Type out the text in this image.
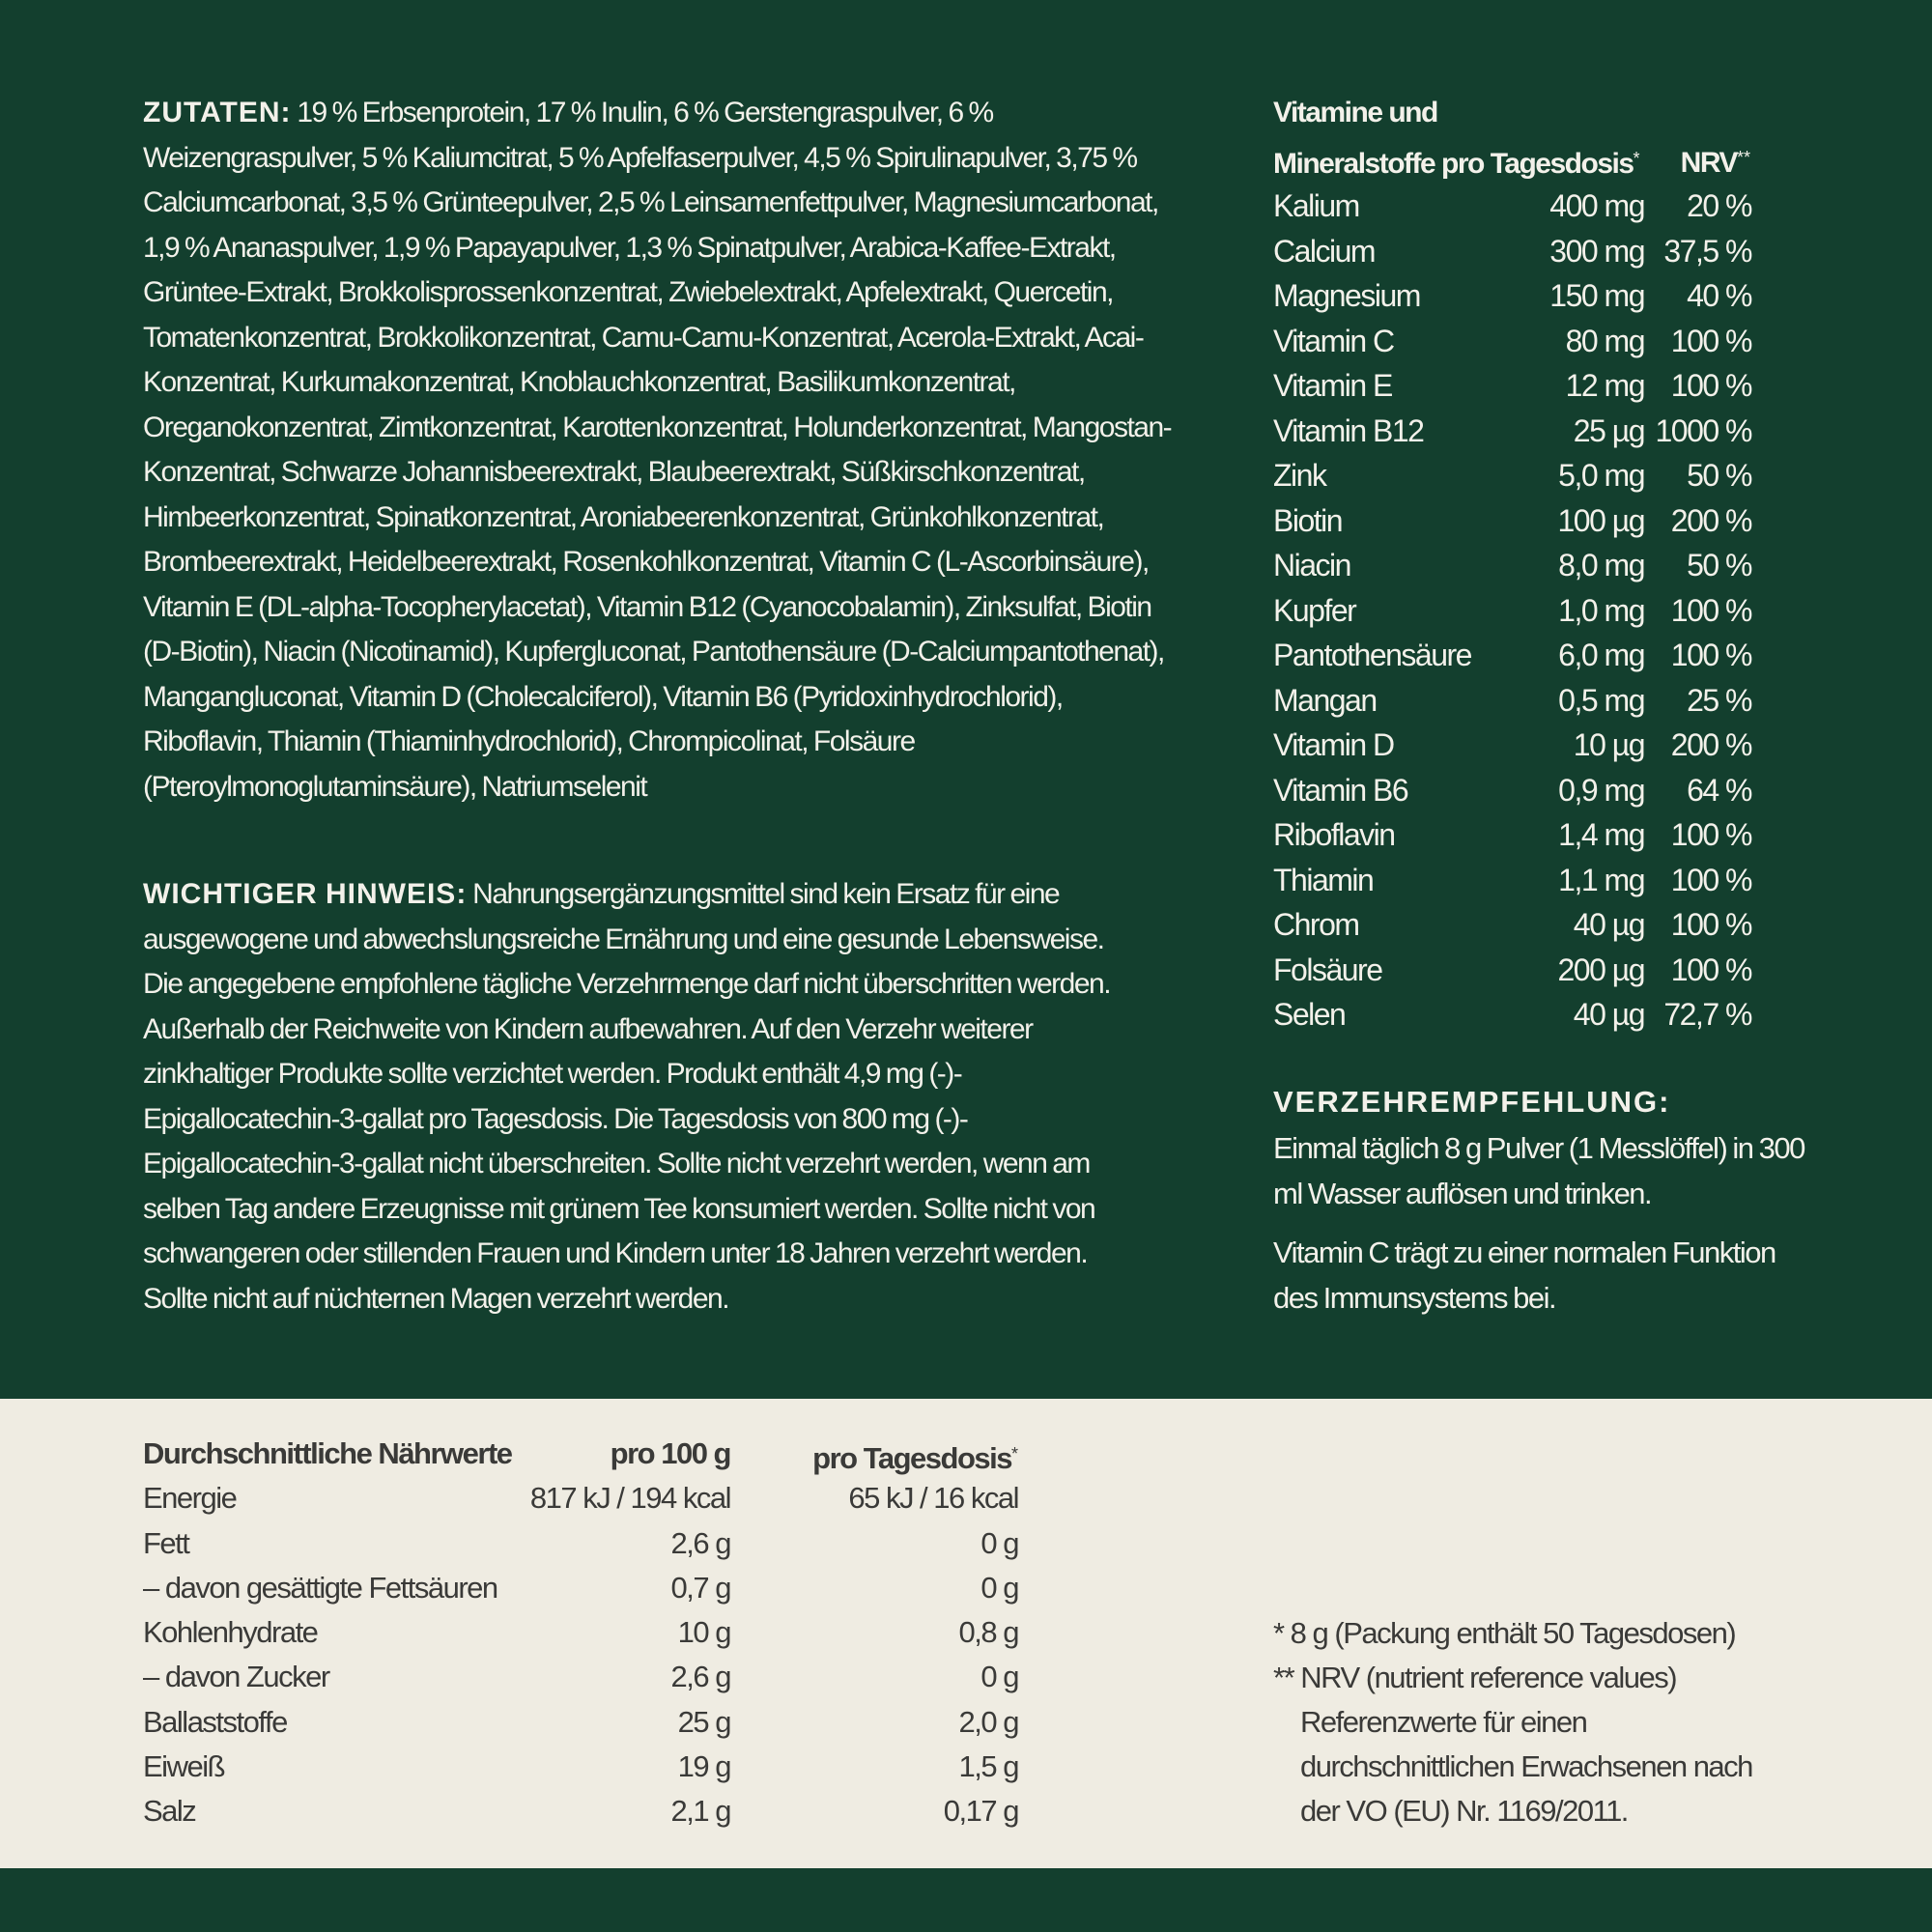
ZUTATEN: 19 % Erbsenprotein, 17 % Inulin, 6 % Gerstengraspulver, 6 % Weizengraspulver, 5 % Kaliumcitrat, 5 % Apfelfaserpulver, 4,5 % Spirulinapulver, 3,75 % Calciumcarbonat, 3,5 % Grünteepulver, 2,5 % Leinsamenfettpulver, Magnesiumcarbonat, 1,9 % Ananaspulver, 1,9 % Papayapulver, 1,3 % Spinatpulver, Arabica-Kaffee-Extrakt, Grüntee-Extrakt, Brokkolisprossenkonzentrat, Zwiebelextrakt, Apfelextrakt, Quercetin, Tomatenkonzentrat, Brokkolikonzentrat, Camu-Camu-Konzentrat, Acerola-Extrakt, Acai-Konzentrat, Kurkumakonzentrat, Knoblauchkonzentrat, Basilikumkonzentrat, Oreganokonzentrat, Zimtkonzentrat, Karottenkonzentrat, Holunderkonzentrat, Mangostan-Konzentrat, Schwarze Johannisbeerextrakt, Blaubeerextrakt, Süßkirschkonzentrat, Himbeerkonzentrat, Spinatkonzentrat, Aroniabeerenkonzentrat, Grünkohlkonzentrat, Brombeerextrakt, Heidelbeerextrakt, Rosenkohlkonzentrat, Vitamin C (L-Ascorbinsäure), Vitamin E (DL-alpha-Tocopherylacetat), Vitamin B12 (Cyanocobalamin), Zinksulfat, Biotin (D-Biotin), Niacin (Nicotinamid), Kupfergluconat, Pantothensäure (D-Calciumpantothenat), Mangangluconat, Vitamin D (Cholecalciferol), Vitamin B6 (Pyridoxinhydrochlorid), Riboflavin, Thiamin (Thiaminhydrochlorid), Chrompicolinat, Folsäure (Pteroylmonoglutaminsäure), Natriumselenit
WICHTIGER HINWEIS: Nahrungsergänzungsmittel sind kein Ersatz für eine ausgewogene und abwechslungsreiche Ernährung und eine gesunde Lebensweise. Die angegebene empfohlene tägliche Verzehrmenge darf nicht überschritten werden. Außerhalb der Reichweite von Kindern aufbewahren. Auf den Verzehr weiterer zinkhaltiger Produkte sollte verzichtet werden. Produkt enthält 4,9 mg (-)-Epigallocatechin-3-gallat pro Tagesdosis. Die Tagesdosis von 800 mg (-)-Epigallocatechin-3-gallat nicht überschreiten. Sollte nicht verzehrt werden, wenn am selben Tag andere Erzeugnisse mit grünem Tee konsumiert werden. Sollte nicht von schwangeren oder stillenden Frauen und Kindern unter 18 Jahren verzehrt werden. Sollte nicht auf nüchternen Magen verzehrt werden.
Vitamine und
Mineralstoffe pro Tagesdosis*	NRV**
Kalium	400 mg 20 %
Calcium	300 mg 37,5 %
Magnesium	150 mg 40 %
Vitamin C	80 mg 100 %
Vitamin E	12 mg 100 %
Vitamin B12	25 µg 1000 %
Zink	5,0 mg 50 %
Biotin	100 µg 200 %
Niacin	8,0 mg 50 %
Kupfer	1,0 mg 100 %
Pantothensäure	6,0 mg 100 %
Mangan	0,5 mg 25 %
Vitamin D	10 µg 200 %
Vitamin B6	0,9 mg 64 %
Riboflavin	1,4 mg 100 %
Thiamin	1,1 mg 100 %
Chrom	40 µg 100 %
Folsäure	200 µg 100 %
Selen	40 µg 72,7 %
VERZEHREMPFEHLUNG:
Einmal täglich 8 g Pulver (1 Messlöffel) in 300 ml Wasser auflösen und trinken.
Vitamin C trägt zu einer normalen Funktion des Immunsystems bei.
Durchschnittliche Nährwerte	pro 100 g	pro Tagesdosis*
Energie	817 kJ / 194 kcal	65 kJ / 16 kcal
Fett	2,6 g	0 g
– davon gesättigte Fettsäuren	0,7 g	0 g
Kohlenhydrate	10 g	0,8 g
– davon Zucker	2,6 g	0 g
Ballaststoffe	25 g	2,0 g
Eiweiß	19 g	1,5 g
Salz	2,1 g	0,17 g
* 8 g (Packung enthält 50 Tagesdosen)
** NRV (nutrient reference values)
Referenzwerte für einen
durchschnittlichen Erwachsenen nach
der VO (EU) Nr. 1169/2011.
